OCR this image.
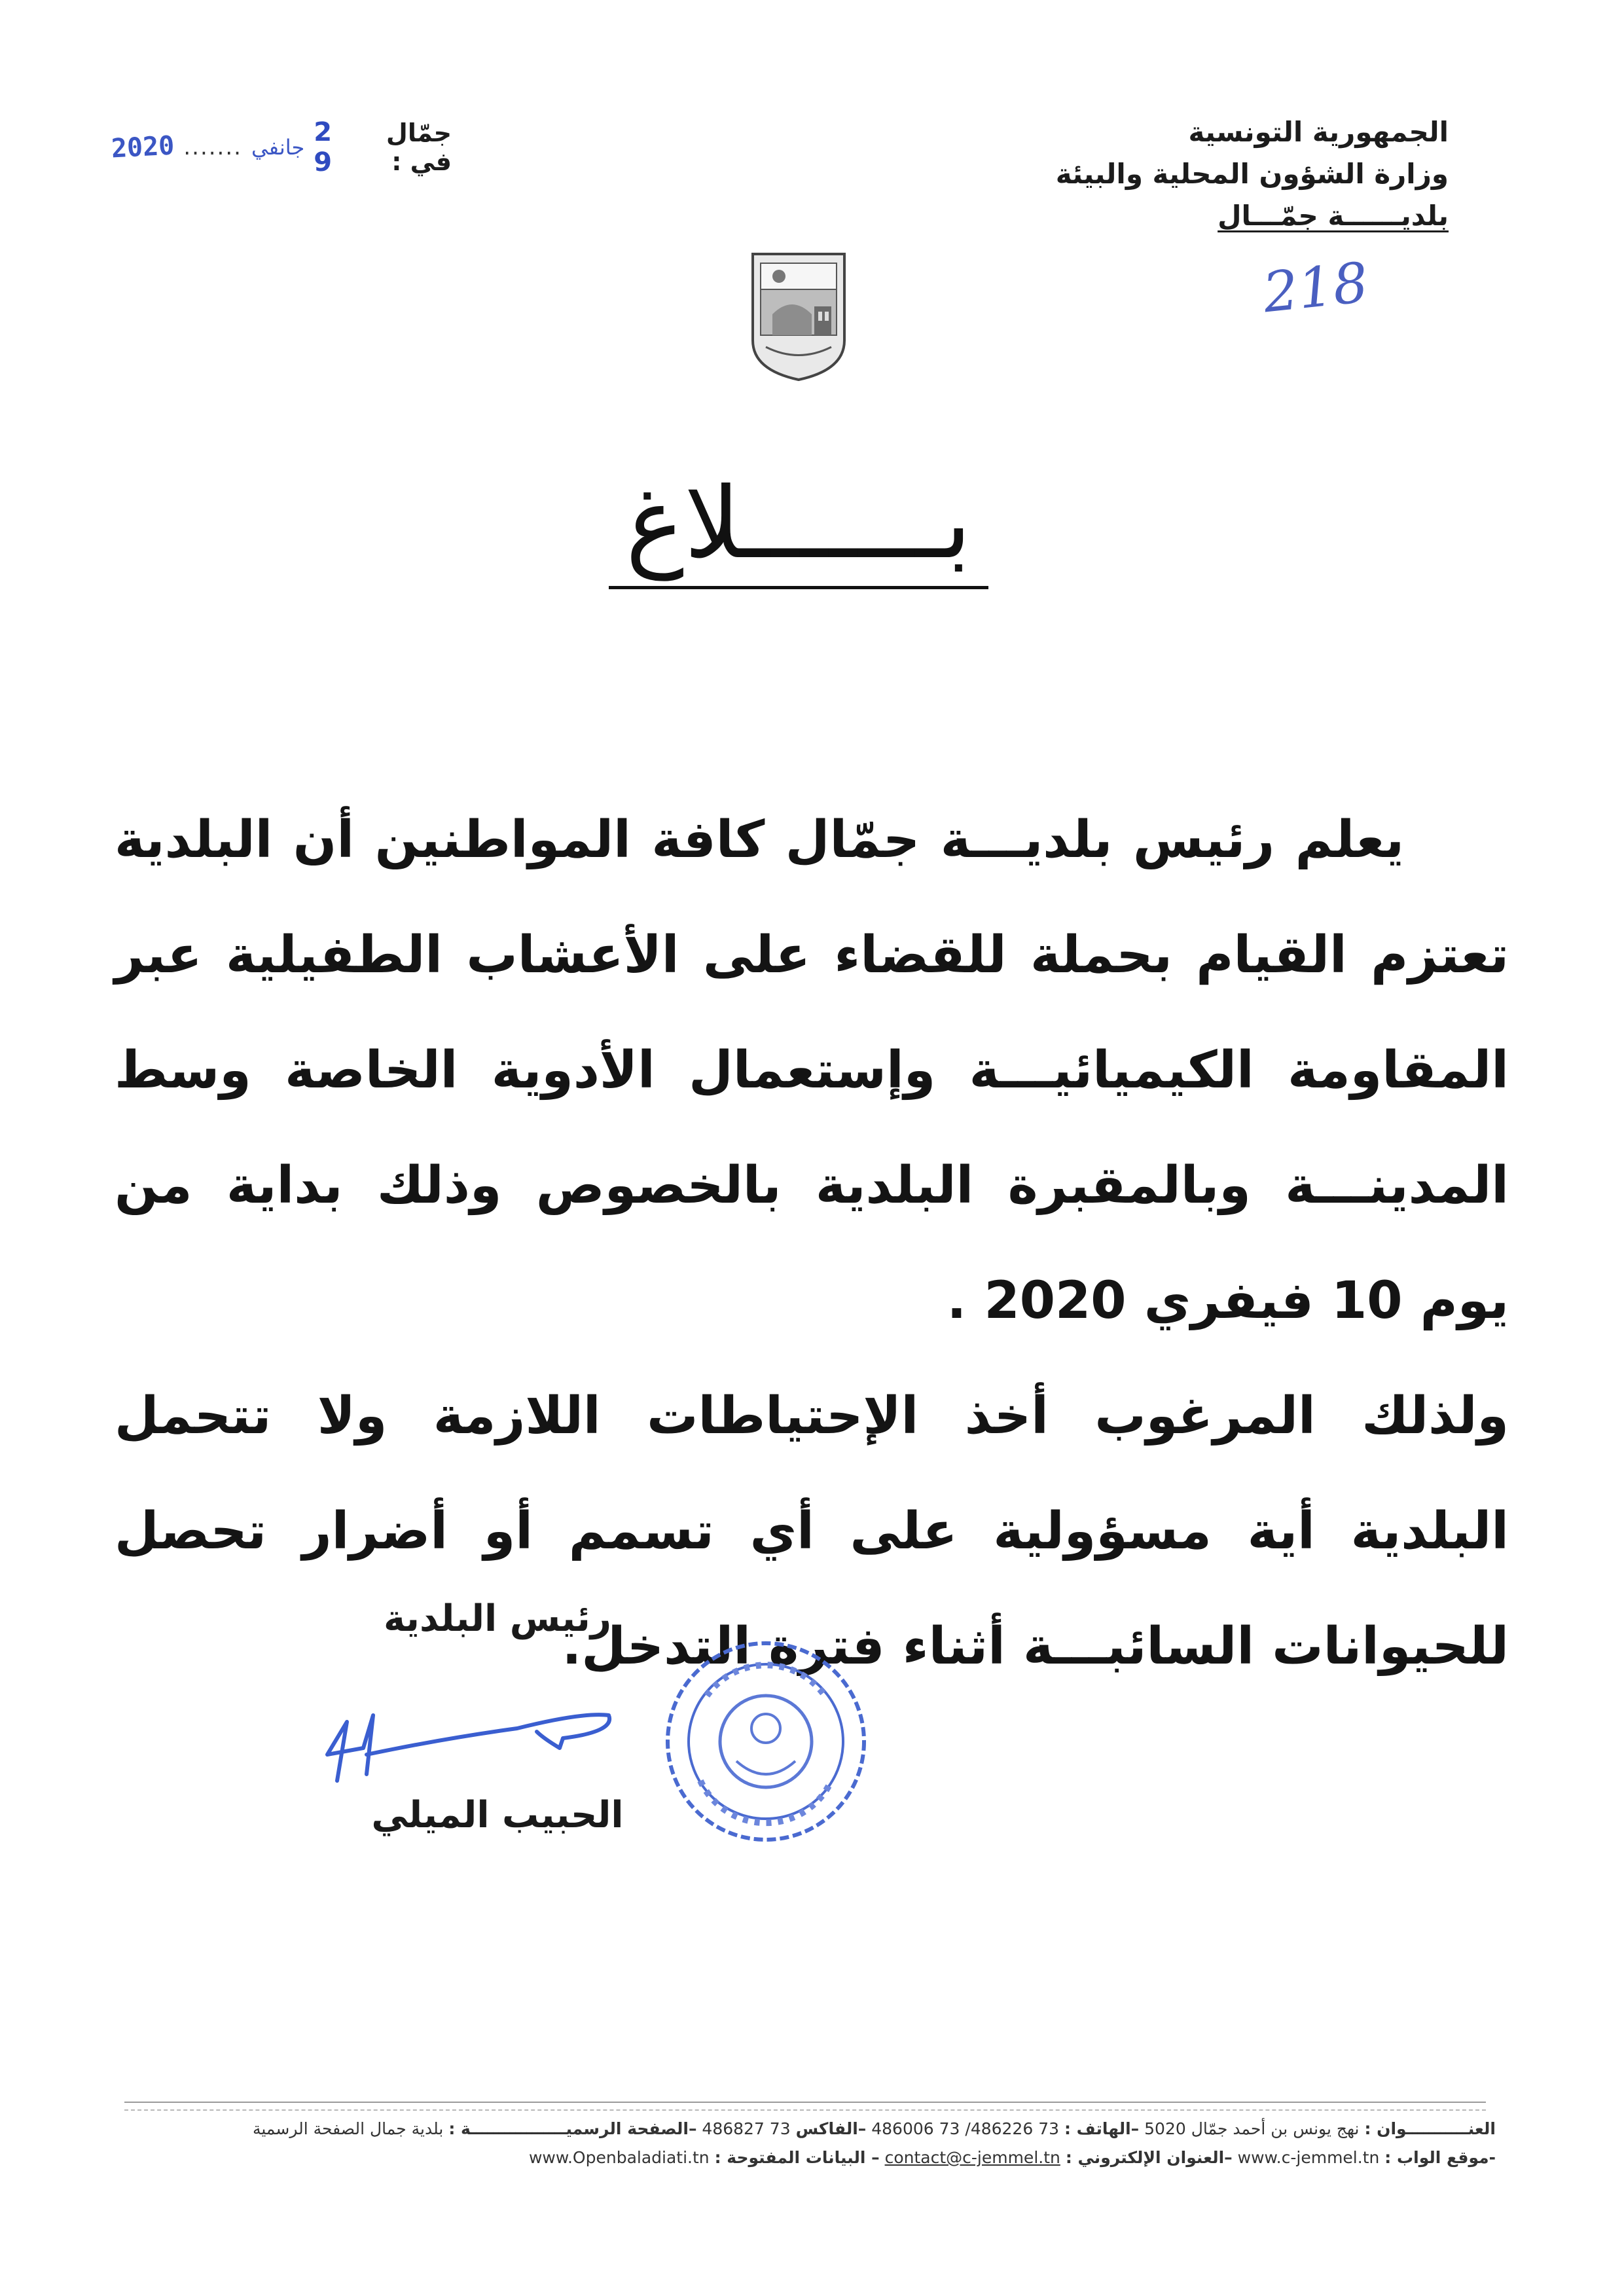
الجمهورية التونسية
وزارة الشؤون المحلية والبيئة
بلديــــــة جمّـــال
218
2020 ....... جانفي 2 9
جمّال في :
بـــــــلاغ

يعلم رئيس بلديـــة جمّال كافة المواطنين أن البلدية تعتزم القيام بحملة للقضاء على الأعشاب الطفيلية عبر المقاومة الكيميائيـــة وإستعمال الأدوية الخاصة وسط المدينـــة وبالمقبرة البلدية بالخصوص وذلك بداية من يوم 10 فيفري 2020 .

ولذلك المرغوب أخذ الإحتياطات اللازمة ولا تتحمل البلدية أية مسؤولية على أي تسمم أو أضرار تحصل للحيوانات السائبـــة أثناء فترة التدخل.

رئيس البلدية
الحبيب الميلي
العنـــــــــــوان : نهج يونس بن أحمد جمّال 5020 –الهاتف : 486006 73 /486226 73 –الفاكس 486827 73 –الصفحة الرسميـــــــــــــــــة : بلدية جمال الصفحة الرسمية
-موقع الواب : www.c-jemmel.tn –العنوان الإلكتروني : contact@c-jemmel.tn – البيانات المفتوحة : www.Openbaladiati.tn
